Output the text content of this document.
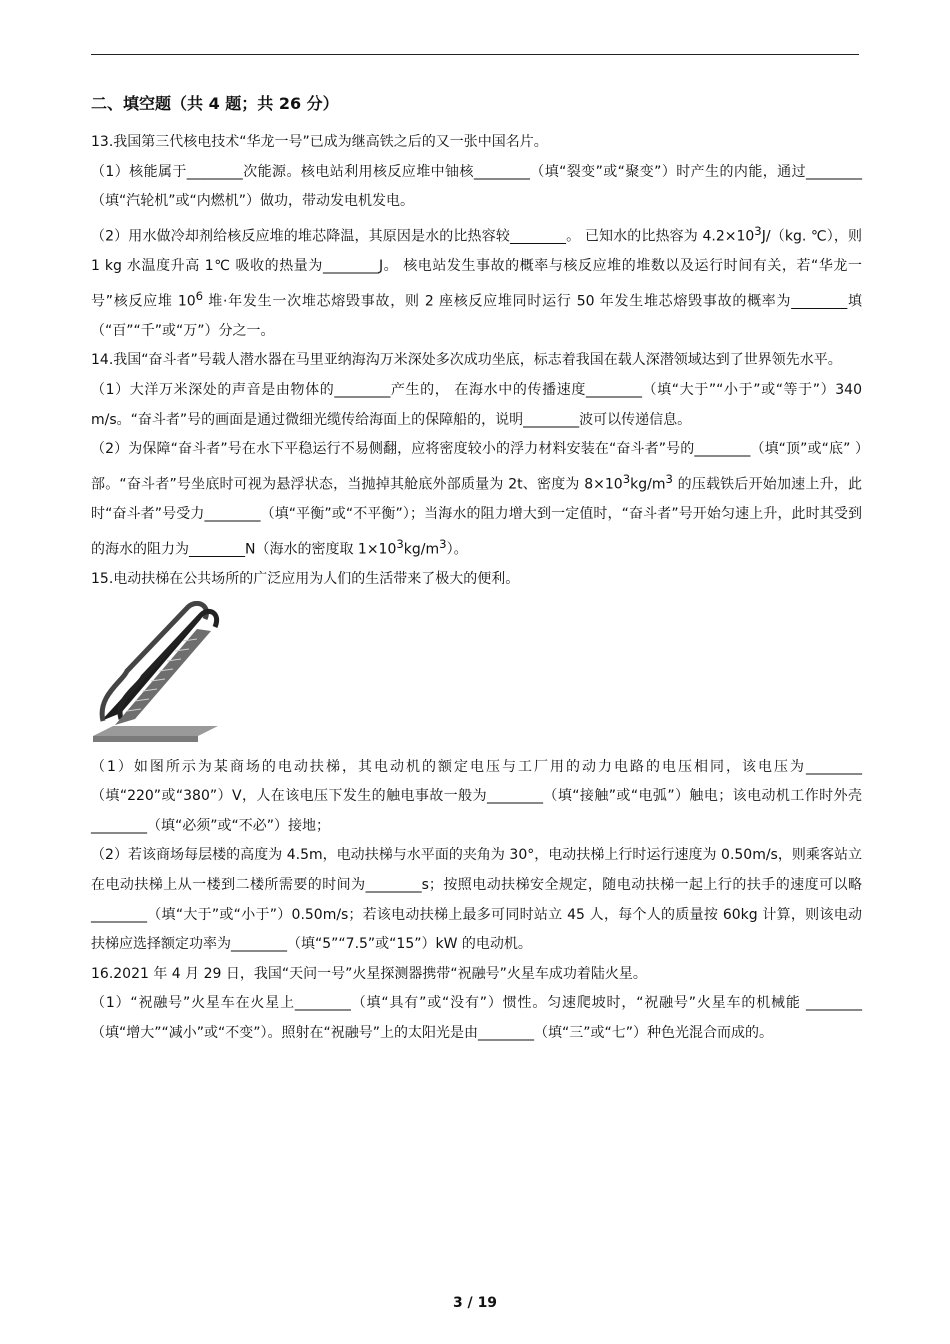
二、填空题（共 4 题；共 26 分）

13.我国第三代核电技术“华龙一号”已成为继高铁之后的又一张中国名片。

（1）核能属于________次能源。核电站利用核反应堆中铀核________（填“裂变”或“聚变”）时产生的内能，通过________（填“汽轮机”或“内燃机”）做功，带动发电机发电。

（2）用水做冷却剂给核反应堆的堆芯降温，其原因是水的比热容较________。 已知水的比热容为 $4.2\times 10^3J/(kg$. ℃），则 1 kg 水温度升高 1℃ 吸收的热量为________J。 核电站发生事故的概率与核反应堆的堆数以及运行时间有关，若“华龙一号”核反应堆 $10^6$ 堆·年发生一次堆芯熔毁事故，则 2 座核反应堆同时运行 50 年发生堆芯熔毁事故的概率为________填（“百”“千”或“万”）分之一。

14.我国“奋斗者”号载人潜水器在马里亚纳海沟万米深处多次成功坐底，标志着我国在载人深潜领域达到了世界领先水平。

（1）大洋万米深处的声音是由物体的________产生的， 在海水中的传播速度________（填“大于”“小于”或“等于”）340 m/s。“奋斗者”号的画面是通过微细光缆传给海面上的保障船的，说明________波可以传递信息。

（2）为保障“奋斗者”号在水下平稳运行不易侧翻，应将密度较小的浮力材料安装在“奋斗者”号的________（填“顶”或“底” ）部。“奋斗者”号坐底时可视为悬浮状态，当抛掉其舱底外部质量为 2t、密度为 $8\times 10^3kg/m^3$ 的压载铁后开始加速上升，此时“奋斗者”号受力________（填“平衡”或“不平衡”）；当海水的阻力增大到一定值时，“奋斗者”号开始匀速上升，此时其受到的海水的阻力为________N（海水的密度取 $1\times 10^3kg/m^3$）。

15.电动扶梯在公共场所的广泛应用为人们的生活带来了极大的便利。

（1）如图所示为某商场的电动扶梯，其电动机的额定电压与工厂用的动力电路的电压相同，该电压为________（填“220”或“380”）V，人在该电压下发生的触电事故一般为________（填“接触”或“电弧”）触电；该电动机工作时外壳________（填“必须”或“不必”）接地；

（2）若该商场每层楼的高度为 4.5m，电动扶梯与水平面的夹角为 30°，电动扶梯上行时运行速度为 0.50m/s，则乘客站立在电动扶梯上从一楼到二楼所需要的时间为________s；按照电动扶梯安全规定，随电动扶梯一起上行的扶手的速度可以略________（填“大于”或“小于”）0.50m/s；若该电动扶梯上最多可同时站立 45 人，每个人的质量按 60kg 计算，则该电动扶梯应选择额定功率为________（填“5”“7.5”或“15”）kW 的电动机。

16.2021 年 4 月 29 日，我国“天问一号”火星探测器携带“祝融号”火星车成功着陆火星。

（1）“祝融号”火星车在火星上________（填“具有”或“没有”）惯性。匀速爬坡时，“祝融号”火星车的机械能 ________（填“增大”“减小”或“不变”）。照射在“祝融号”上的太阳光是由________（填“三”或“七”）种色光混合而成的。

3 / 19
